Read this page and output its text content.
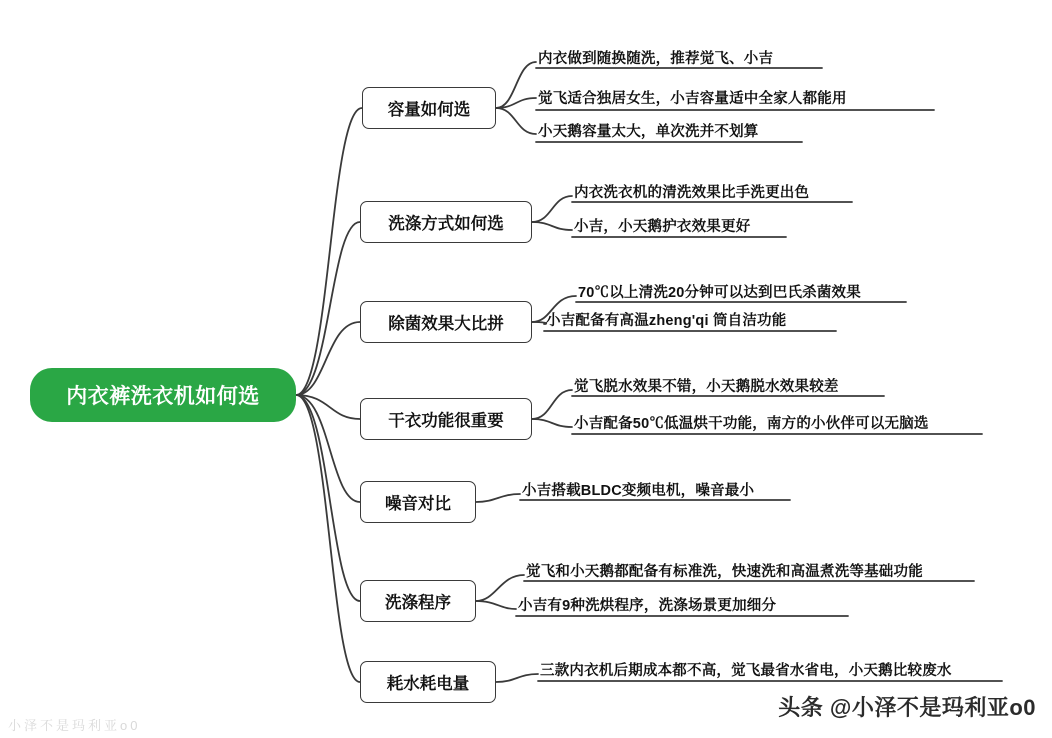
内衣裤洗衣机如何选
容量如何选
洗涤方式如何选
除菌效果大比拼
干衣功能很重要
噪音对比
洗涤程序
耗水耗电量
内衣做到随换随洗，推荐觉飞、小吉
觉飞适合独居女生，小吉容量适中全家人都能用
小天鹅容量太大，单次洗并不划算
内衣洗衣机的清洗效果比手洗更出色
小吉，小天鹅护衣效果更好
70℃以上清洗20分钟可以达到巴氏杀菌效果
小吉配备有高温zheng'qi 筒自洁功能
觉飞脱水效果不错，小天鹅脱水效果较差
小吉配备50℃低温烘干功能，南方的小伙伴可以无脑选
小吉搭载BLDC变频电机，噪音最小
觉飞和小天鹅都配备有标准洗，快速洗和高温煮洗等基础功能
小吉有9种洗烘程序，洗涤场景更加细分
三款内衣机后期成本都不高，觉飞最省水省电，小天鹅比较废水
小泽不是玛利亚o0
头条 @小泽不是玛利亚o0
